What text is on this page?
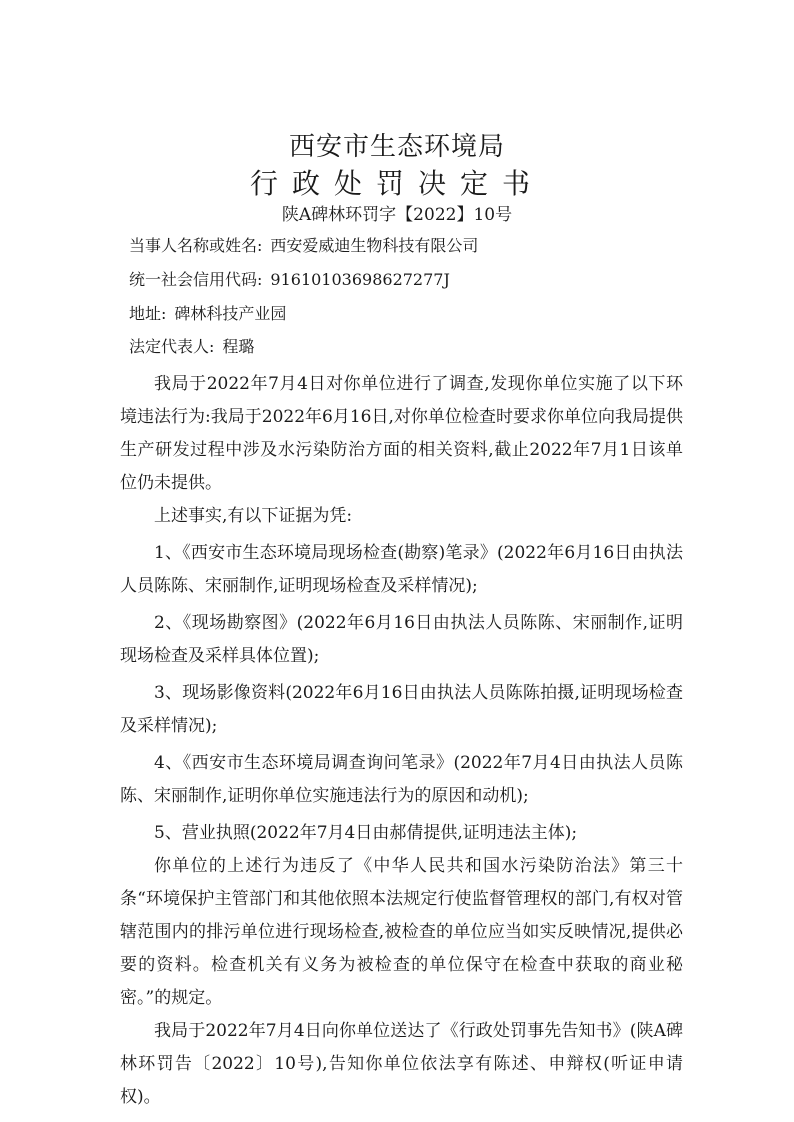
西安市生态环境局
行政处罚决定书
陕A碑林环罚字【2022】10号
当事人名称或姓名: 西安爱威迪生物科技有限公司
统一社会信用代码: 91610103698627277J
地址: 碑林科技产业园
法定代表人: 程璐

我局于2022年7月4日对你单位进行了调查,发现你单位实施了以下环境违法行为:我局于2022年6月16日,对你单位检查时要求你单位向我局提供生产研发过程中涉及水污染防治方面的相关资料,截止2022年7月1日该单位仍未提供。

上述事实,有以下证据为凭:

1、《西安市生态环境局现场检查(勘察)笔录》(2022年6月16日由执法人员陈陈、宋丽制作,证明现场检查及采样情况);

2、《现场勘察图》(2022年6月16日由执法人员陈陈、宋丽制作,证明现场检查及采样具体位置);

3、现场影像资料(2022年6月16日由执法人员陈陈拍摄,证明现场检查及采样情况);

4、《西安市生态环境局调查询问笔录》(2022年7月4日由执法人员陈陈、宋丽制作,证明你单位实施违法行为的原因和动机);

5、营业执照(2022年7月4日由郝倩提供,证明违法主体);

你单位的上述行为违反了《中华人民共和国水污染防治法》第三十条“环境保护主管部门和其他依照本法规定行使监督管理权的部门,有权对管辖范围内的排污单位进行现场检查,被检查的单位应当如实反映情况,提供必要的资料。检查机关有义务为被检查的单位保守在检查中获取的商业秘密。”的规定。

我局于2022年7月4日向你单位送达了《行政处罚事先告知书》(陕A碑林环罚告〔2022〕10号),告知你单位依法享有陈述、申辩权(听证申请权)。
